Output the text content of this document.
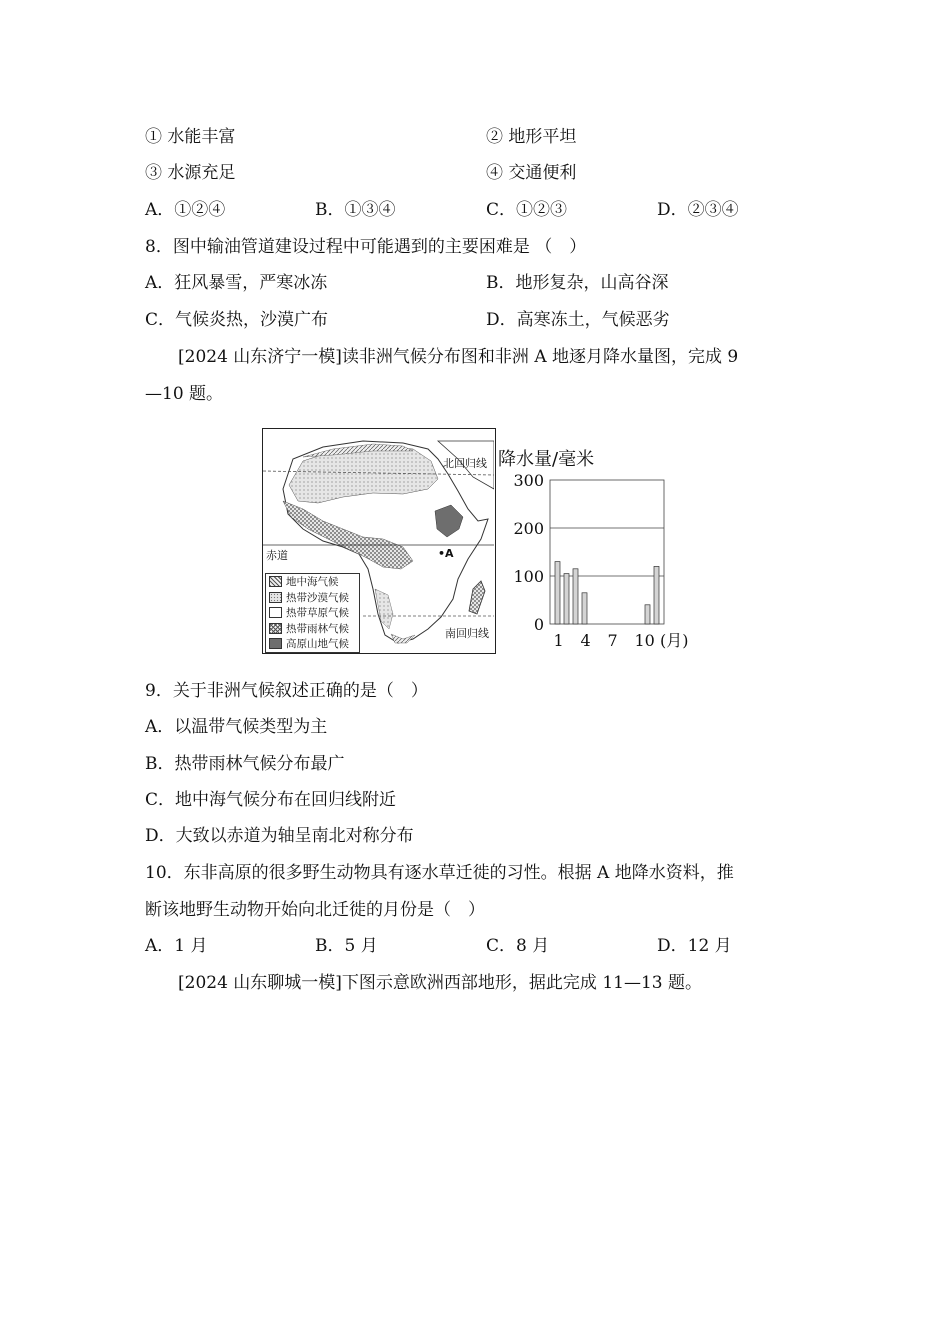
① 水能丰富	② 地形平坦
③ 水源充足	④ 交通便利
A．①②④	B．①③④	C．①②③	D．②③④
8．图中输油管道建设过程中可能遇到的主要困难是 （　）
A．狂风暴雪，严寒冰冻	B．地形复杂，山高谷深
C．气候炎热，沙漠广布	D．高寒冻土，气候恶劣
[2024 山东济宁一模]读非洲气候分布图和非洲 A 地逐月降水量图，完成 9
—10 题。
北回归线
赤道
南回归线
•A
地中海气候
热带沙漠气候
热带草原气候
热带雨林气候
高原山地气候
降水量/毫米
0
100
200
300
1 4 7 10 (月)
9．关于非洲气候叙述正确的是（　）
A．以温带气候类型为主
B．热带雨林气候分布最广
C．地中海气候分布在回归线附近
D．大致以赤道为轴呈南北对称分布
10．东非高原的很多野生动物具有逐水草迁徙的习性。根据 A 地降水资料，推
断该地野生动物开始向北迁徙的月份是（　）
A．1 月	B．5 月	C．8 月	D．12 月
[2024 山东聊城一模]下图示意欧洲西部地形，据此完成 11—13 题。
